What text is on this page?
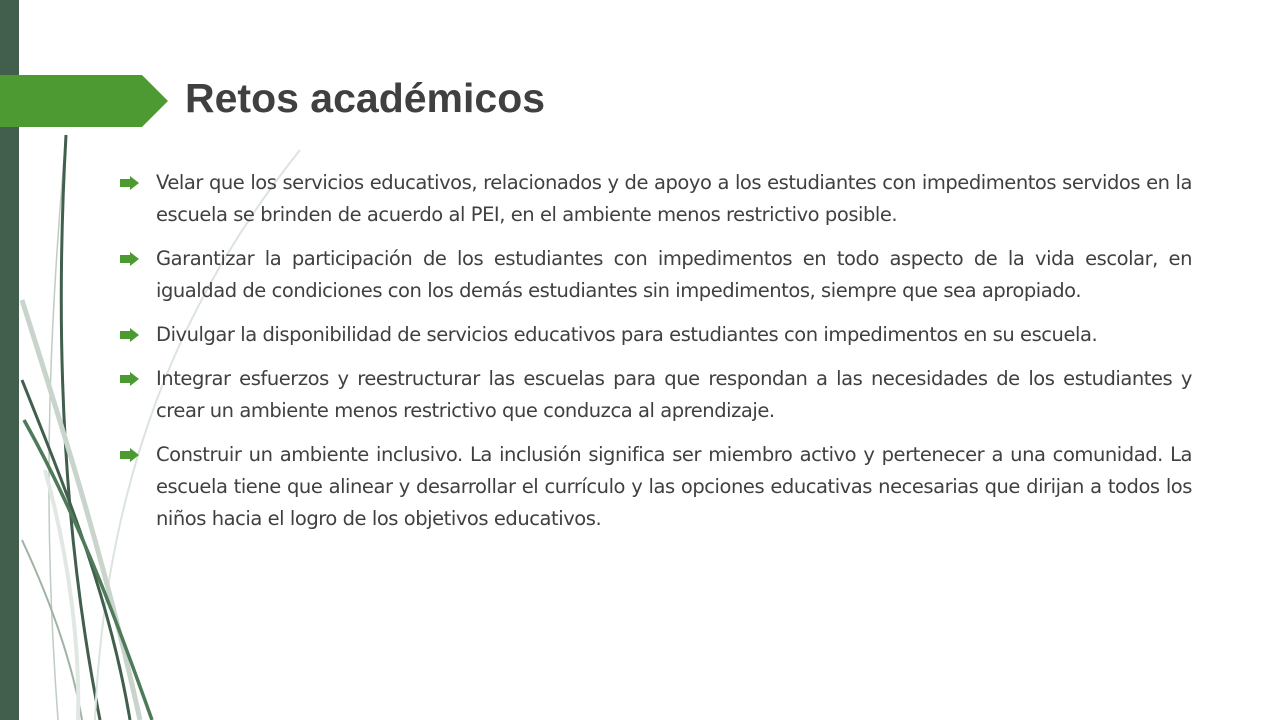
Retos académicos
Velar que los servicios educativos, relacionados y de apoyo a los estudiantes con impedimentos servidos en la escuela se brinden de acuerdo al PEI, en el ambiente menos restrictivo posible.
Garantizar la participación de los estudiantes con impedimentos en todo aspecto de la vida escolar, en igualdad de condiciones con los demás estudiantes sin impedimentos, siempre que sea apropiado.
Divulgar la disponibilidad de servicios educativos para estudiantes con impedimentos en su escuela.
Integrar esfuerzos y reestructurar las escuelas para que respondan a las necesidades de los estudiantes y crear un ambiente menos restrictivo que conduzca al aprendizaje.
Construir un ambiente inclusivo. La inclusión significa ser miembro activo y pertenecer a una comunidad. La escuela tiene que alinear y desarrollar el currículo y las opciones educativas necesarias que dirijan a todos los niños hacia el logro de los objetivos educativos.
